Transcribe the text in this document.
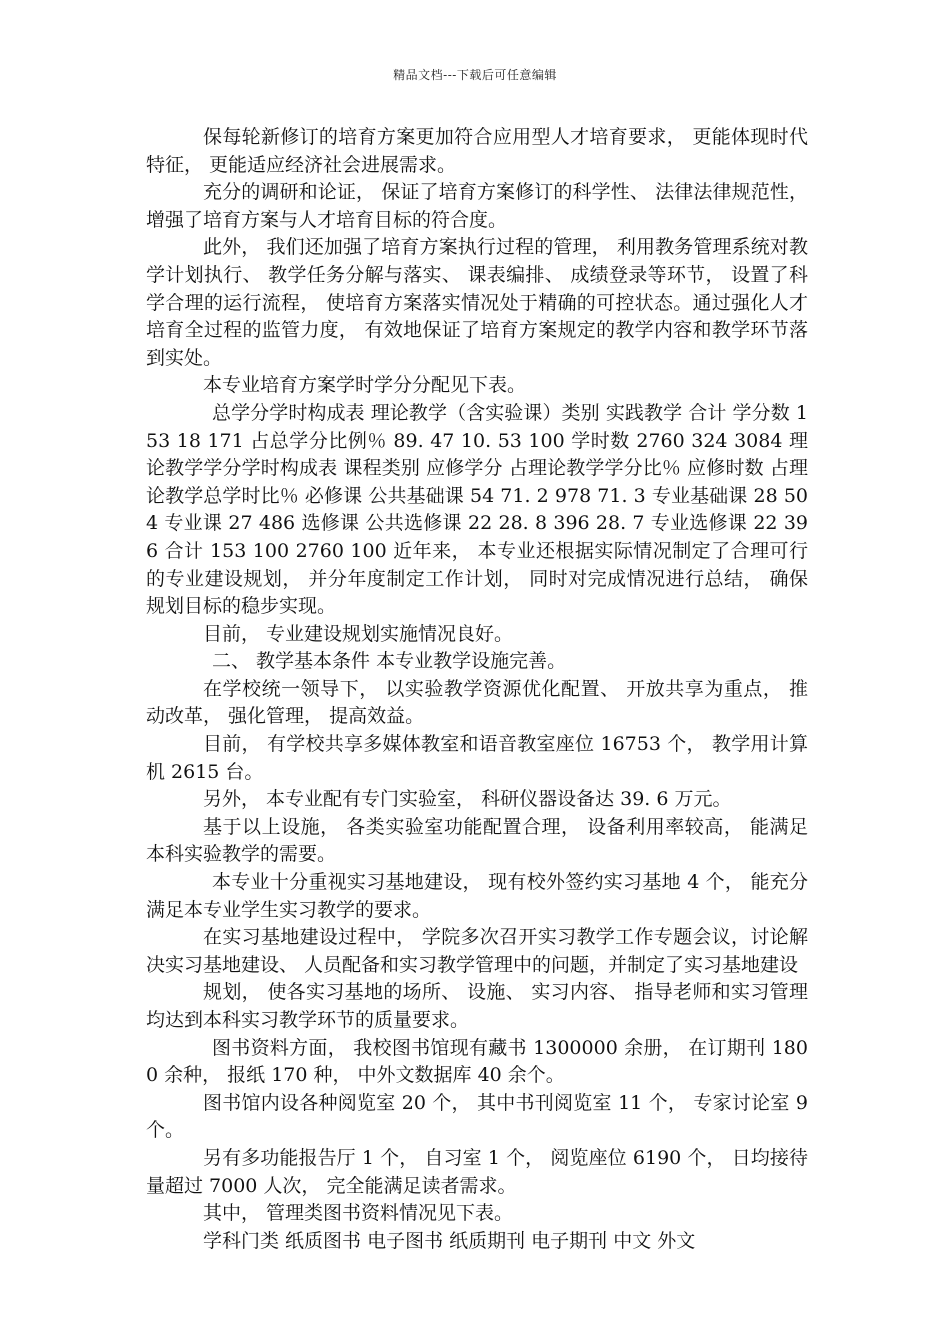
精品文档---下载后可任意编辑

保每轮新修订的培育方案更加符合应用型人才培育要求， 更能体现时代特征， 更能适应经济社会进展需求。

充分的调研和论证， 保证了培育方案修订的科学性、 法律法律规范性，增强了培育方案与人才培育目标的符合度。

此外， 我们还加强了培育方案执行过程的管理， 利用教务管理系统对教学计划执行、 教学任务分解与落实、 课表编排、 成绩登录等环节， 设置了科学合理的运行流程， 使培育方案落实情况处于精确的可控状态。通过强化人才培育全过程的监管力度， 有效地保证了培育方案规定的教学内容和教学环节落到实处。

本专业培育方案学时学分分配见下表。

总学分学时构成表 理论教学（含实验课）类别 实践教学 合计 学分数 153 18 171 占总学分比例％ 89. 47 10. 53 100 学时数 2760 324 3084 理论教学学分学时构成表 课程类别 应修学分 占理论教学学分比％ 应修时数 占理论教学总学时比％ 必修课 公共基础课 54 71. 2 978 71. 3 专业基础课 28 504 专业课 27 486 选修课 公共选修课 22 28. 8 396 28. 7 专业选修课 22 396 合计 153 100 2760 100 近年来， 本专业还根据实际情况制定了合理可行的专业建设规划， 并分年度制定工作计划， 同时对完成情况进行总结， 确保规划目标的稳步实现。

目前， 专业建设规划实施情况良好。

二、 教学基本条件 本专业教学设施完善。

在学校统一领导下， 以实验教学资源优化配置、 开放共享为重点， 推动改革， 强化管理， 提高效益。

目前， 有学校共享多媒体教室和语音教室座位 16753 个， 教学用计算机 2615 台。

另外， 本专业配有专门实验室， 科研仪器设备达 39. 6 万元。

基于以上设施， 各类实验室功能配置合理， 设备利用率较高， 能满足本科实验教学的需要。

本专业十分重视实习基地建设， 现有校外签约实习基地 4 个， 能充分满足本专业学生实习教学的要求。

在实习基地建设过程中， 学院多次召开实习教学工作专题会议，讨论解决实习基地建设、 人员配备和实习教学管理中的问题，并制定了实习基地建设

规划， 使各实习基地的场所、 设施、 实习内容、 指导老师和实习管理均达到本科实习教学环节的质量要求。

图书资料方面， 我校图书馆现有藏书 1300000 余册， 在订期刊 1800 余种， 报纸 170 种， 中外文数据库 40 余个。

图书馆内设各种阅览室 20 个， 其中书刊阅览室 11 个， 专家讨论室 9 个。

另有多功能报告厅 1 个， 自习室 1 个， 阅览座位 6190 个， 日均接待量超过 7000 人次， 完全能满足读者需求。

其中， 管理类图书资料情况见下表。

学科门类 纸质图书 电子图书 纸质期刊 电子期刊 中文 外文
